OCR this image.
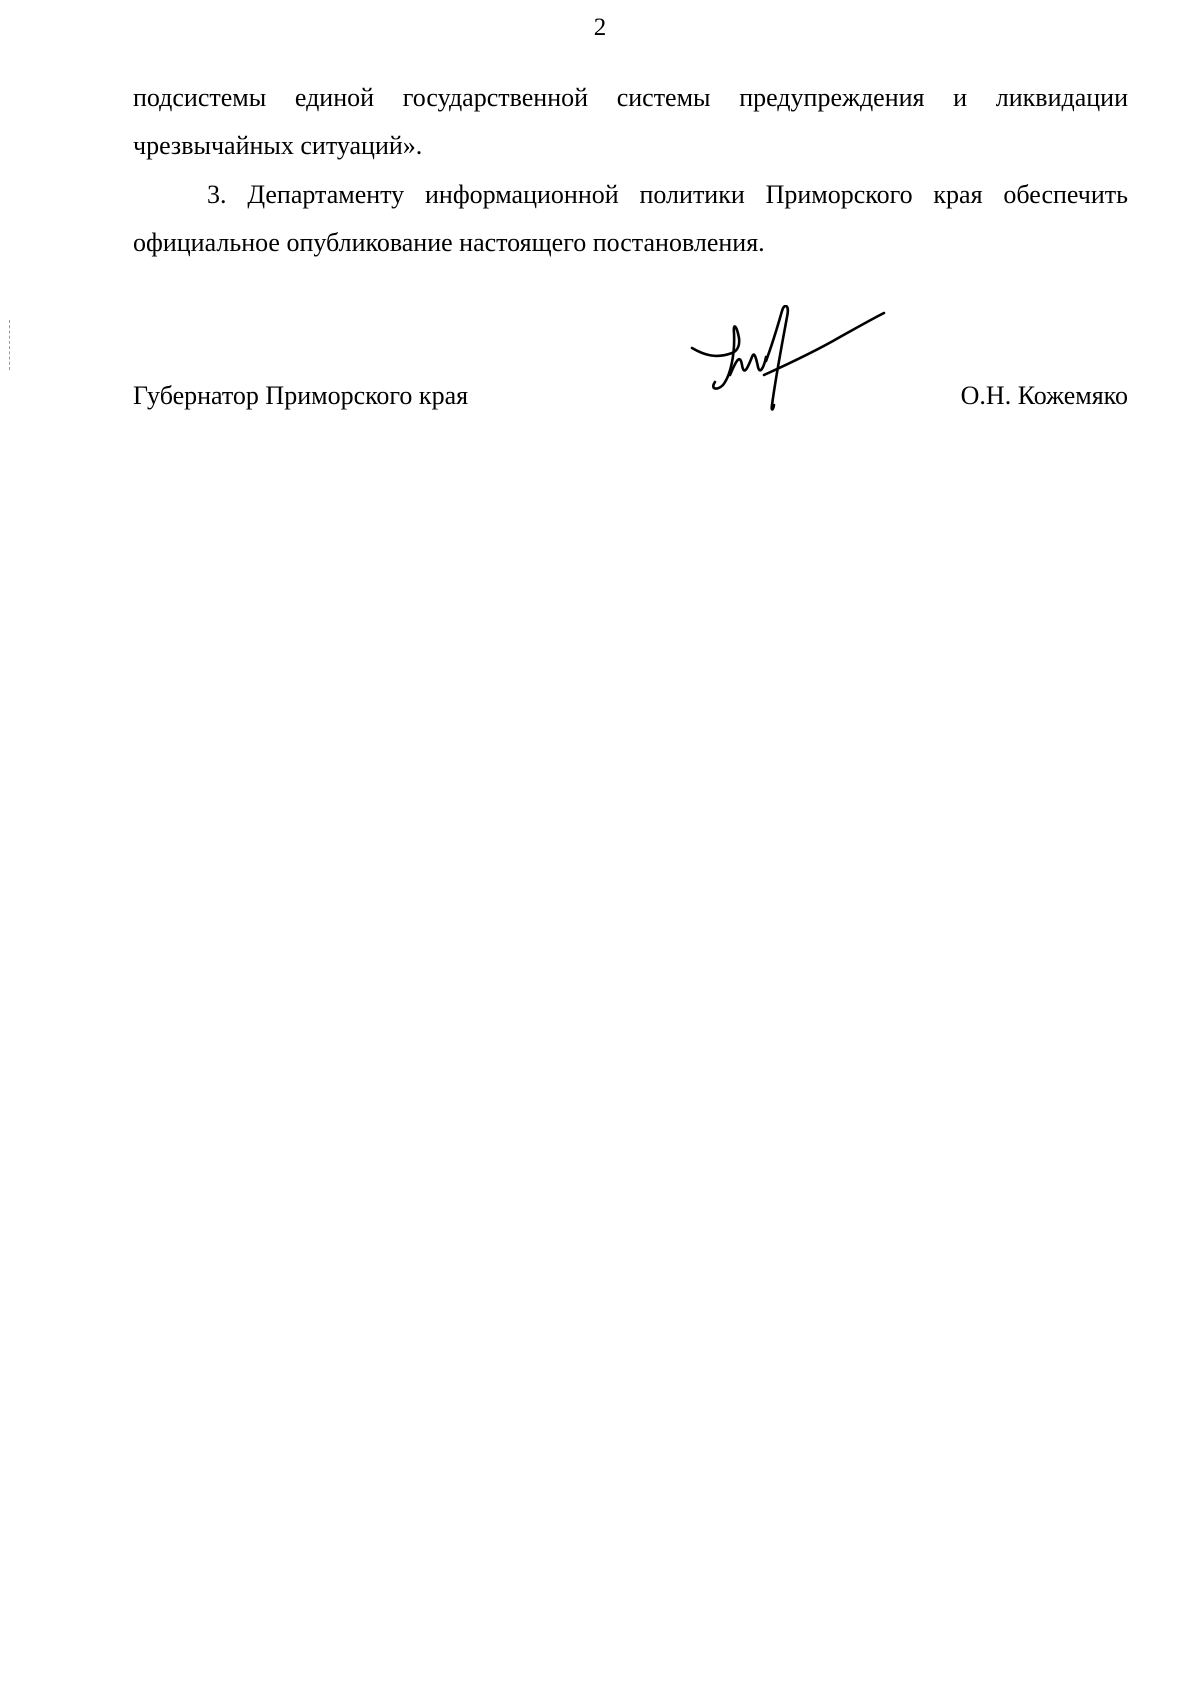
2

подсистемы единой государственной системы предупреждения и ликвидации чрезвычайных ситуаций».

3. Департаменту информационной политики Приморского края обеспечить официальное опубликование настоящего постановления.

Губернатор Приморского края	О.Н. Кожемяко
